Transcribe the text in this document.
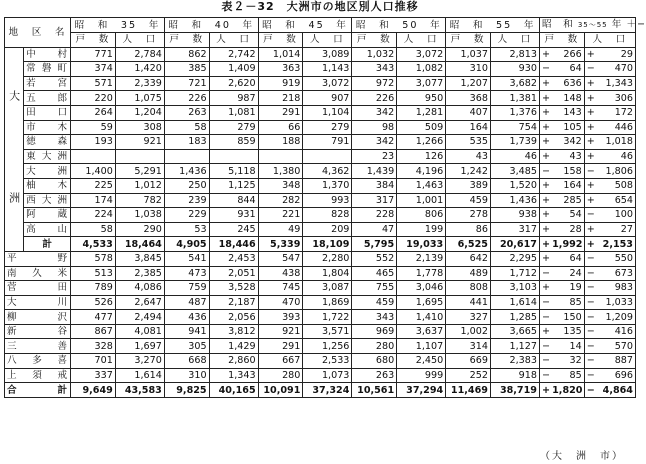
表２－32　大洲市の地区別人口推移
地　区　名		昭　和　35　年		昭　和　40　年		昭　和　45　年		昭　和　50　年		昭　和　55　年		昭　和 35〜55 年 ＋−			
		戸　数	人　口	戸　数	人　口	戸　数	人　口	戸　数	人　口	戸　数	人　口	戸　数		人　口	
大　　　　　洲	中村	771	2,784	862	2,742	1,014	3,089	1,032	3,072	1,037	2,813	+	266	+	29
	常磐町	374	1,420	385	1,409	363	1,143	343	1,082	310	930	−	64	−	470
	若宮	571	2,339	721	2,620	919	3,072	972	3,077	1,207	3,682	+	636	+	1,343
	五郎	220	1,075	226	987	218	907	226	950	368	1,381	+	148	+	306
	田口	264	1,204	263	1,081	291	1,104	342	1,281	407	1,376	+	143	+	172
	市木	59	308	58	279	66	279	98	509	164	754	+	105	+	446
	徳森	193	921	183	859	188	791	342	1,266	535	1,739	+	342	+	1,018
	東大洲							23	126	43	46	+	43	+	46
	大洲	1,400	5,291	1,436	5,118	1,380	4,362	1,439	4,196	1,242	3,485	−	158	−	1,806
	柚木	225	1,012	250	1,125	348	1,370	384	1,463	389	1,520	+	164	+	508
	西大洲	174	782	239	844	282	993	317	1,001	459	1,436	+	285	+	654
	阿蔵	224	1,038	229	931	221	828	228	806	278	938	+	54	−	100
	高山	58	290	53	245	49	209	47	199	86	317	+	28	+	27
	計	4,533	18,464	4,905	18,446	5,339	18,109	5,795	19,033	6,525	20,617	+	1,992	+	2,153
平野		578	3,845	541	2,453	547	2,280	552	2,139	642	2,295	+	64	−	550
南久米		513	2,385	473	2,051	438	1,804	465	1,778	489	1,712	−	24	−	673
菅田		789	4,086	759	3,528	745	3,087	755	3,046	808	3,103	+	19	−	983
大川		526	2,647	487	2,187	470	1,869	459	1,695	441	1,614	−	85	−	1,033
柳沢		477	2,494	436	2,056	393	1,722	343	1,410	327	1,285	−	150	−	1,209
新谷		867	4,081	941	3,812	921	3,571	969	3,637	1,002	3,665	+	135	−	416
三善		328	1,697	305	1,429	291	1,256	280	1,107	314	1,127	−	14	−	570
八多喜		701	3,270	668	2,860	667	2,533	680	2,450	669	2,383	−	32	−	887
上須戒		337	1,614	310	1,343	280	1,073	263	999	252	918	−	85	−	696
合計		9,649	43,583	9,825	40,165	10,091	37,324	10,561	37,294	11,469	38,719	+	1,820	−	4,864
（大　洲　市）
